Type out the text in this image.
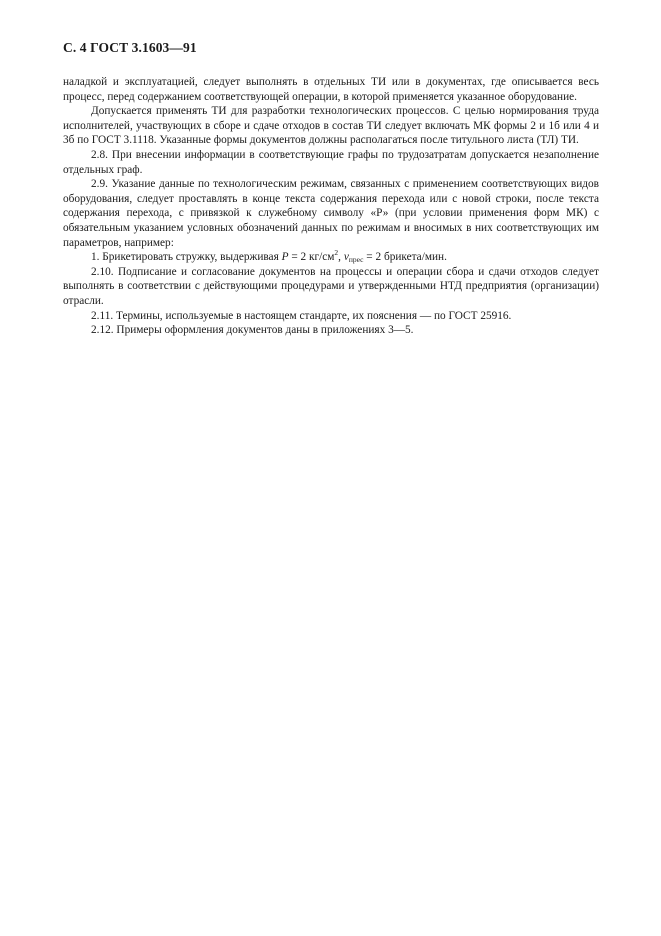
С. 4 ГОСТ 3.1603—91

наладкой и эксплуатацией, следует выполнять в отдельных ТИ или в документах, где описывается весь процесс, перед содержанием соответствующей операции, в которой применяется указанное оборудование.

Допускается применять ТИ для разработки технологических процессов. С целью нормирования труда исполнителей, участвующих в сборе и сдаче отходов в состав ТИ следует включать МК формы 2 и 1б или 4 и 3б по ГОСТ 3.1118. Указанные формы документов должны располагаться после титульного листа (ТЛ) ТИ.

2.8. При внесении информации в соответствующие графы по трудозатратам допускается незаполнение отдельных граф.

2.9. Указание данные по технологическим режимам, связанных с применением соответствующих видов оборудования, следует проставлять в конце текста содержания перехода или с новой строки, после текста содержания перехода, с привязкой к служебному символу «Р» (при условии применения форм МК) с обязательным указанием условных обозначений данных по режимам и вносимых в них соответствующих им параметров, например:

1. Брикетировать стружку, выдерживая P = 2 $кг/см^2$, $v_{прес} = 2$ брикета/мин.

2.10. Подписание и согласование документов на процессы и операции сбора и сдачи отходов следует выполнять в соответствии с действующими процедурами и утвержденными НТД предприятия (организации) отрасли.

2.11. Термины, используемые в настоящем стандарте, их пояснения — по ГОСТ 25916.

2.12. Примеры оформления документов даны в приложениях 3—5.
